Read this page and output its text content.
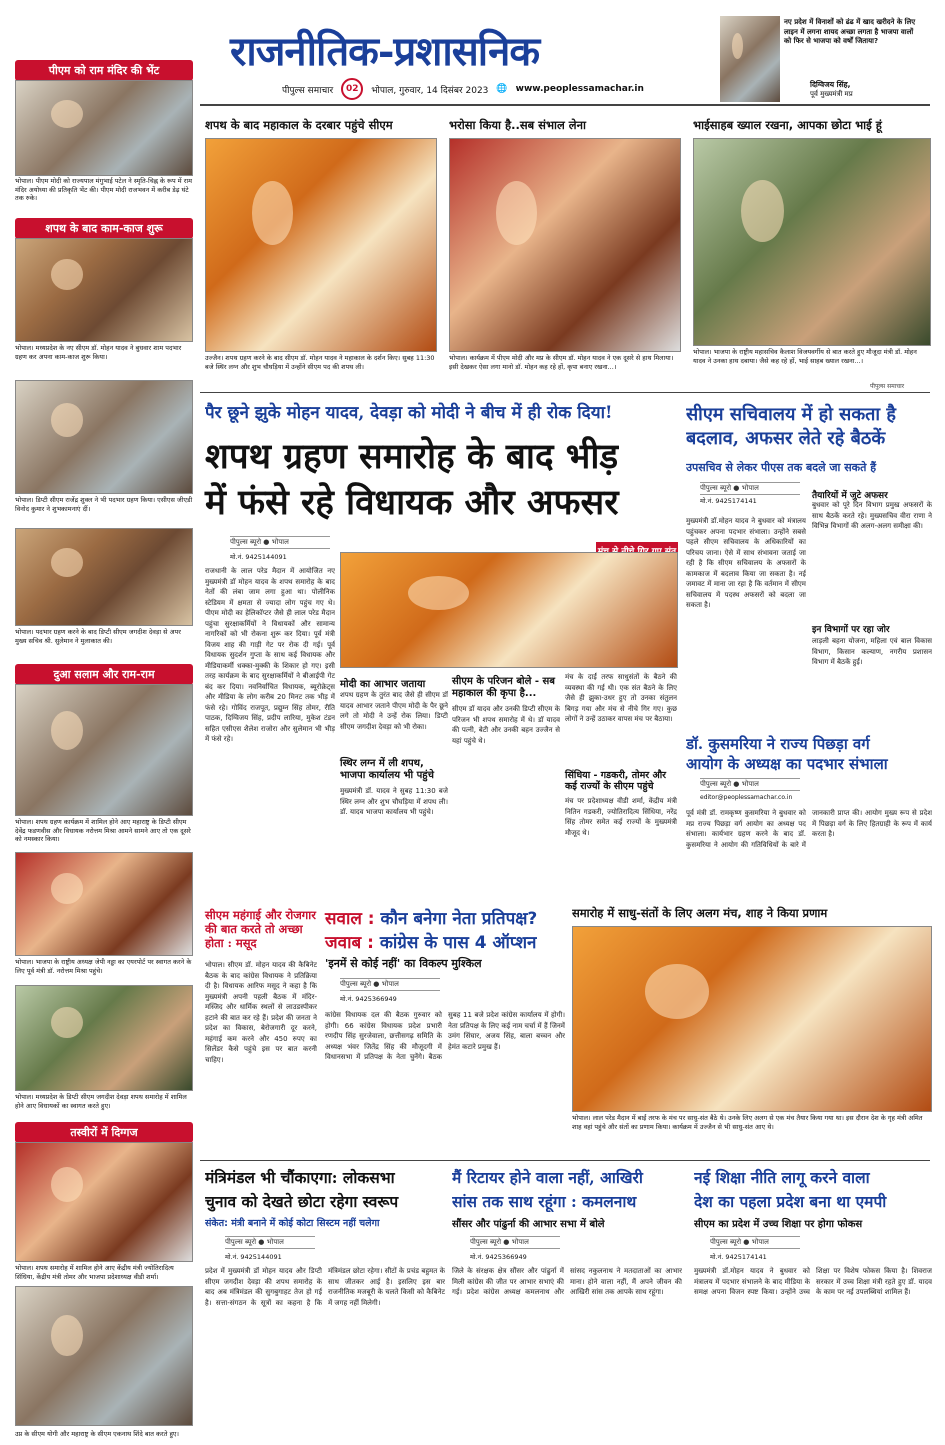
राजनीतिक-प्रशासनिक
पीपुल्स समाचार	02	भोपाल, गुरुवार, 14 दिसंबर 2023 🌐 www.peoplessamachar.in
नए प्रदेश में विनाशों को ढंढ में खाद खरीदने के लिए लाइन में लगना शायद अच्छा लगता है भाजपा वालों को फिर से भाजपा को वर्षों जिताया?
दिग्विजय सिंह,
पूर्व मुख्यमंत्री मप्र
पीएम को राम मंदिर की भेंट
भोपाल। पीएम मोदी को राज्यपाल मंगुभाई पटेल ने स्मृति-चिह्न के रूप में राम मंदिर अयोध्या की प्रतिकृति भेंट की। पीएम मोदी राजभवन में करीब डेढ़ घंटे तक रुके।
शपथ के बाद काम-काज शुरू
भोपाल। मध्यप्रदेश के नए सीएम डॉ. मोहन यादव ने बुधवार शाम पदभार ग्रहण कर अपना काम-काज शुरू किया।
भोपाल। डिप्टी सीएम राजेंद्र शुक्ल ने भी पदभार ग्रहण किया। एसीएस जीएडी विनोद कुमार ने शुभकामनाएं दीं।
भोपाल। पदभार ग्रहण करने के बाद डिप्टी सीएम जगदीश देवड़ा से अपर मुख्य सचिव श्री. सुलेमान ने मुलाकात की।
दुआ सलाम और राम-राम
भोपाल। शपथ ग्रहण कार्यक्रम में शामिल होने आए महाराष्ट्र के डिप्टी सीएम देवेंद्र फडणवीस और विधायक नरोत्तम मिश्रा आमने सामने आए तो एक दूसरे को नमस्कार किया।
भोपाल। भाजपा के राष्ट्रीय अध्यक्ष जेपी नड्डा का एयरपोर्ट पर स्वागत करने के लिए पूर्व मंत्री डॉ. नरोत्तम मिश्रा पहुंचे।
भोपाल। मध्यप्रदेश के डिप्टी सीएम जगदीश देवड़ा शपथ समारोह में शामिल होने आए विधायकों का स्वागत करते हुए।
तस्वीरों में दिग्गज
भोपाल। शपथ समारोह में शामिल होने आए केंद्रीय मंत्री ज्योतिरादित्य सिंधिया, केंद्रीय मंत्री तोमर और भाजपा प्रदेशाध्यक्ष वीडी शर्मा।
उप्र के सीएम योगी और महाराष्ट्र के सीएम एकनाथ शिंदे बात करते हुए।
शपथ के बाद महाकाल के दरबार पहुंचे सीएम
उज्जैन। शपथ ग्रहण करने के बाद सीएम डॉ. मोहन यादव ने महाकाल के दर्शन किए। सुबह 11:30 बजे स्थिर लग्न और शुभ चौघड़िया में उन्होंने सीएम पद की शपथ ली।
भरोसा किया है..सब संभाल लेना
भोपाल। कार्यक्रम में पीएम मोदी और मप्र के सीएम डॉ. मोहन यादव ने एक दूसरे से हाथ मिलाया। इसी देखकर ऐसा लगा मानो डॉ. मोहन कह रहे हों, कृपा बनाए रखना...।
भाईसाहब ख्याल रखना, आपका छोटा भाई हूं
भोपाल। भाजपा के राष्ट्रीय महासचिव कैलाश विजयवर्गीय से बात करते हुए मौजूदा मंत्री डॉ. मोहन यादव ने उनका हाथ दबाया। जैसे कह रहे हों, भाई साहब ख्याल रखना...।
पीपुल्स समाचार
पैर छूने झुके मोहन यादव, देवड़ा को मोदी ने बीच में ही रोक दिया!
शपथ ग्रहण समारोह के बाद भीड़
में फंसे रहे विधायक और अफसर
पीपुल्स ब्यूरो ● भोपाल
मो.नं. 9425144091
राजधानी के लाल परेड मैदान में आयोजित नए मुख्यमंत्री डॉ मोहन यादव के शपथ समारोह के बाद नेतों की लंबा जाम लगा हुआ था। पोलीनिक स्टेडियम में क्षमता से ज्यादा लोग पहुंच गए थे। पीएम मोदी का हेलिकॉप्टर जैसे ही लाल परेड मैदान पहुंचा सुरक्षाकर्मियों ने विधायकों और सामान्य नागरिकों को भी रोकना शुरू कर दिया। पूर्व मंत्री विजय शाह की गाड़ी गेट पर रोक दी गई। पूर्व विधायक सुदर्शन गुप्ता के साथ कई विधायक और मीडियाकर्मी धक्का-मुक्की के शिकार हो गए। इसी तरह कार्यक्रम के बाद सुरक्षाकर्मियों ने बीआईपी गेट बंद कर दिया। नवनिर्वाचित विधायक, ब्यूरोक्रेट्स और मीडिया के लोग करीब 20 मिनट तक भीड़ में फंसे रहे। गोविंद राजपूत, प्रद्युम्न सिंह तोमर, रीति पाठक, दिग्विजय सिंह, प्रदीप लारिया, मुकेश टंडन सहित एसीएस शैलेश राजोरा और सुलेमान भी भीड़ में फंसे रहे।
मंच के दाईं तरफ साधुसंतों के बैठने की व्यवस्था की गई थी। एक संत बैठने के लिए जैसे ही झुका-उधर हुए तो उनका संतुलन बिगड़ गया और मंच से नीचे गिर गए। कुछ लोगों ने उन्हें उठाकर वापस मंच पर बैठाया।
मोदी का आभार जताया
शपथ ग्रहण के तुरंत बाद जैसे ही सीएम डॉ यादव आभार जताने पीएम मोदी के पैर छूने लगे तो मोदी ने उन्हें रोक लिया। डिप्टी सीएम जगदीश देवड़ा को भी रोका।
सीएम के परिजन बोले - सब महाकाल की कृपा है...
सीएम डॉ यादव और उनकी डिप्टी सीएम के परिजन भी शपथ समारोह में थे। डॉ यादव की पत्नी, बेटी और उनकी बहन उज्जैन से यहां पहुंचे थे।
स्थिर लग्न में ली शपथ, भाजपा कार्यालय भी पहुंचे
मुख्यमंत्री डॉ. यादव ने सुबह 11:30 बजे स्थिर लग्न और शुभ चौघड़िया में शपथ ली। डॉ. यादव भाजपा कार्यालय भी पहुंचे।
सिंधिया - गडकरी, तोमर और कई राज्यों के सीएम पहुंचे
मंच पर प्रदेशाध्यक्ष वीडी शर्मा, केंद्रीय मंत्री नितिन गडकरी, ज्योतिरादित्य सिंधिया, नरेंद्र सिंह तोमर समेत कई राज्यों के मुख्यमंत्री मौजूद थे।
सीएम सचिवालय में हो सकता है
बदलाव, अफसर लेते रहे बैठकें
उपसचिव से लेकर पीएस तक बदले जा सकते हैं
पीपुल्स ब्यूरो ● भोपाल
मो.नं. 9425174141
मुख्यमंत्री डॉ.मोहन यादव ने बुधवार को मंत्रालय पहुंचकर अपना पदभार संभाला। उन्होंने सबसे पहले सीएम सचिवालय के अधिकारियों का परिचय जाना। ऐसे में साथ संभावना जताई जा रही है कि सीएम सचिवालय के अफसरों के कामकाज में बदलाव किया जा सकता है। नई जमावट में माना जा रहा है कि वर्तमान में सीएम सचिवालय में पदस्थ अफसरों को बदला जा सकता है।
तैयारियों में जुटे अफसर
बुधवार को पूरे दिन विभाग प्रमुख अफसरों के साथ बैठकें करते रहे। मुख्यसचिव वीरा राणा ने विभिन्न विभागों की अलग-अलग समीक्षा की।
इन विभागों पर रहा जोर
लाड़ली बहना योजना, महिला एवं बाल विकास विभाग, किसान कल्याण, नगरीय प्रशासन विभाग में बैठकें हुईं।
डॉ. कुसमरिया ने राज्य पिछड़ा वर्ग
आयोग के अध्यक्ष का पदभार संभाला
पीपुल्स ब्यूरो ● भोपाल
editor@peoplessamachar.co.in
पूर्व मंत्री डॉ. रामकृष्ण कुसमरिया ने बुधवार को मप्र राज्य पिछड़ा वर्ग आयोग का अध्यक्ष पद संभाला। कार्यभार ग्रहण करने के बाद डॉ. कुसमरिया ने आयोग की गतिविधियों के बारे में जानकारी प्राप्त की। आयोग मुख्य रूप से प्रदेश में पिछड़ा वर्ग के लिए हितग्राही के रूप में कार्य करता है।
सीएम महंगाई और रोजगार की बात करते तो अच्छा होता : मसूद
भोपाल। सीएम डॉ. मोहन यादव की कैबिनेट बैठक के बाद कांग्रेस विधायक ने प्रतिक्रिया दी है। विधायक आरिफ मसूद ने कहा है कि मुख्यमंत्री अपनी पहली बैठक में मंदिर-मस्जिद और धार्मिक स्थलों से लाउडस्पीकर हटाने की बात कर रहे हैं। प्रदेश की जनता ने प्रदेश का विकास, बेरोजगारी दूर करने, महंगाई कम करने और 450 रुपए का सिलेंडर कैसे पहुंचे इस पर बात करनी चाहिए।
सवाल : कौन बनेगा नेता प्रतिपक्ष?
जवाब : कांग्रेस के पास 4 ऑप्शन
'इनमें से कोई नहीं' का विकल्प मुश्किल
पीपुल्स ब्यूरो ● भोपाल
मो.नं. 9425366949
कांग्रेस विधायक दल की बैठक गुरुवार को होगी। 66 कांग्रेस विधायक प्रदेश प्रभारी रणदीप सिंह सुरजेवाला, छत्तीसगढ़ समिति के अध्यक्ष भंवर जितेंद्र सिंह की मौजूदगी में विधानसभा में प्रतिपक्ष के नेता चुनेंगे। बैठक सुबह 11 बजे प्रदेश कांग्रेस कार्यालय में होगी। नेता प्रतिपक्ष के लिए कई नाम चर्चा में हैं जिनमें उमंग सिंघार, अजय सिंह, बाला बच्चन और हेमंत कटारे प्रमुख हैं।
समारोह में साधु-संतों के लिए अलग मंच, शाह ने किया प्रणाम
भोपाल। लाल परेड मैदान में बाईं तरफ के मंच पर साधु-संत बैठे थे। उनके लिए अलग से एक मंच तैयार किया गया था। इस दौरान देश के गृह मंत्री अमित शाह वहां पहुंचे और संतों का प्रणाम किया। कार्यक्रम में उज्जैन से भी साधु-संत आए थे।
मंत्रिमंडल भी चौंकाएगा: लोकसभा
चुनाव को देखते छोटा रहेगा स्वरूप
संकेत: मंत्री बनाने में कोई कोटा सिस्टम नहीं चलेगा
पीपुल्स ब्यूरो ● भोपाल
मो.नं. 9425144091
प्रदेश में मुख्यमंत्री डॉ मोहन यादव और डिप्टी सीएम जगदीश देवड़ा की शपथ समारोह के बाद अब मंत्रिमंडल की सुगबुगाहट तेज हो गई है। सत्ता-संगठन के सूत्रों का कहना है कि मंत्रिमंडल छोटा रहेगा। सीटों के प्रचंड बहुमत के साथ जीतकर आई है। इसलिए इस बार राजनीतिक मजबूरी के चलते किसी को कैबिनेट में जगह नहीं मिलेगी।
मैं रिटायर होने वाला नहीं, आखिरी
सांस तक साथ रहूंगा : कमलनाथ
सौंसर और पांढुर्ना की आभार सभा में बोले
पीपुल्स ब्यूरो ● भोपाल
मो.नं. 9425366949
जिले के संरक्षक क्षेत्र सौंसर और पांढुर्ना में मिली कांग्रेस की जीत पर आभार सभाएं की गई। प्रदेश कांग्रेस अध्यक्ष कमलनाथ और सांसद नकुलनाथ ने मतदाताओं का आभार माना। होने वाला नहीं, मैं अपने जीवन की आखिरी सांस तक आपके साथ रहूंगा।
नई शिक्षा नीति लागू करने वाला
देश का पहला प्रदेश बना था एमपी
सीएम का प्रदेश में उच्च शिक्षा पर होगा फोकस
पीपुल्स ब्यूरो ● भोपाल
मो.नं. 9425174141
मुख्यमंत्री डॉ.मोहन यादव ने बुधवार को मंत्रालय में पदभार संभालने के बाद मीडिया के समक्ष अपना विजन स्पष्ट किया। उन्होंने उच्च शिक्षा पर विशेष फोकस किया है। शिवराज सरकार में उच्च शिक्षा मंत्री रहते हुए डॉ. यादव के काम पर नई उपलब्धियां शामिल हैं।
